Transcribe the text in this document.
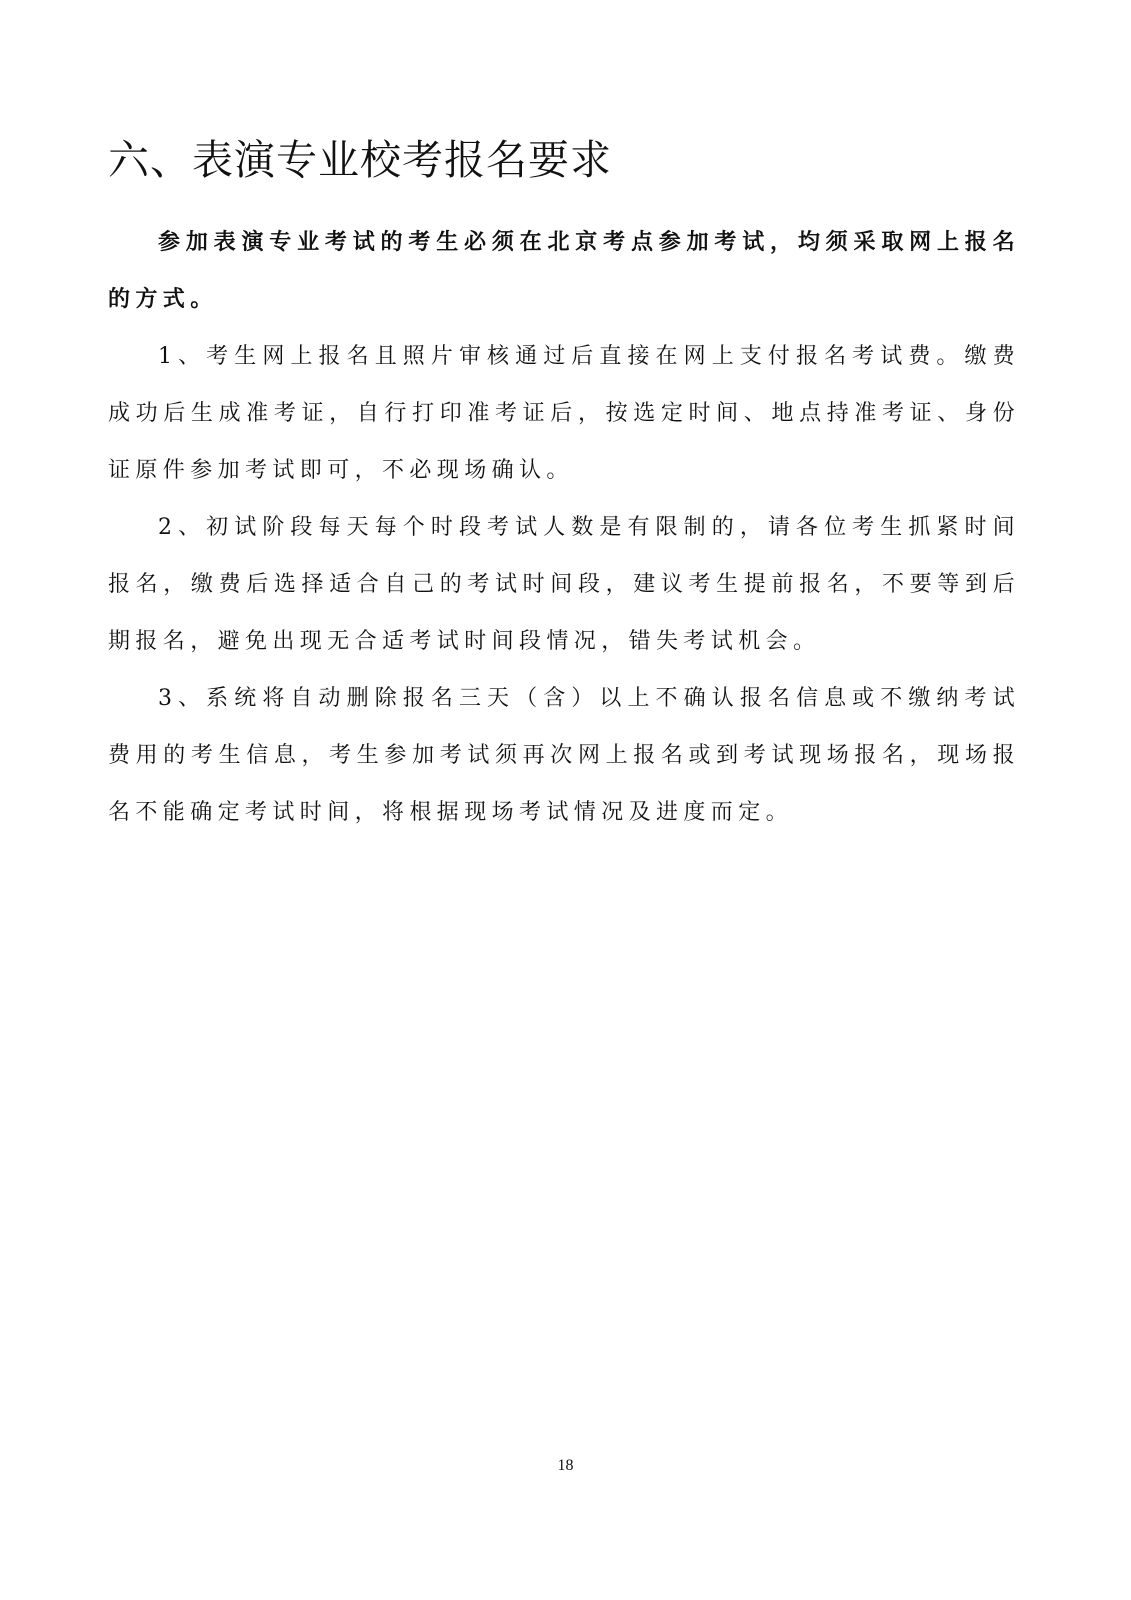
六、表演专业校考报名要求

参加表演专业考试的考生必须在北京考点参加考试，均须采取网上报名的方式。

1、考生网上报名且照片审核通过后直接在网上支付报名考试费。缴费成功后生成准考证，自行打印准考证后，按选定时间、地点持准考证、身份证原件参加考试即可，不必现场确认。

2、初试阶段每天每个时段考试人数是有限制的，请各位考生抓紧时间报名，缴费后选择适合自己的考试时间段，建议考生提前报名，不要等到后期报名，避免出现无合适考试时间段情况，错失考试机会。

3、系统将自动删除报名三天（含）以上不确认报名信息或不缴纳考试费用的考生信息，考生参加考试须再次网上报名或到考试现场报名，现场报名不能确定考试时间，将根据现场考试情况及进度而定。

18
